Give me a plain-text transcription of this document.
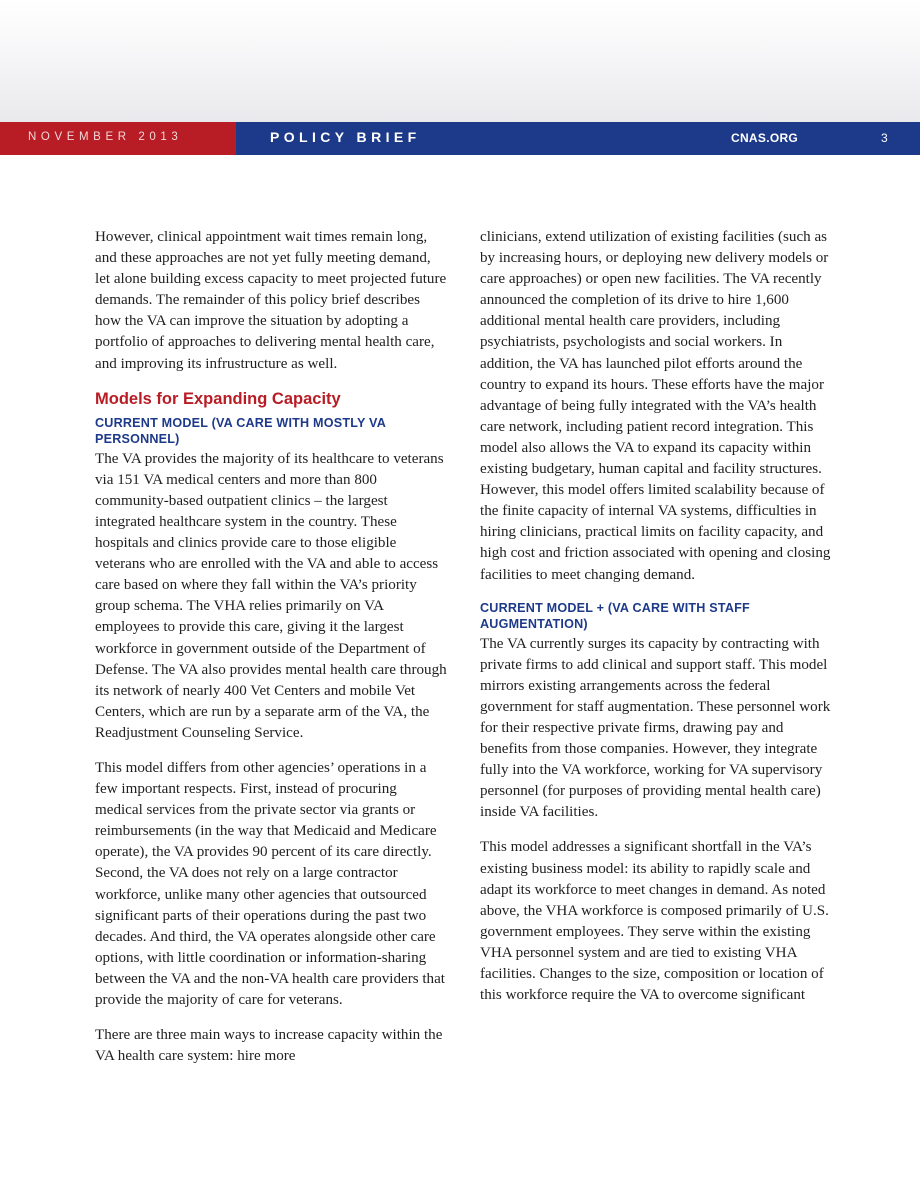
NOVEMBER 2013	POLICY BRIEF	CNAS.ORG	3

However, clinical appointment wait times remain long, and these approaches are not yet fully meeting demand, let alone building excess capacity to meet projected future demands. The remainder of this policy brief describes how the VA can improve the situation by adopting a portfolio of approaches to delivering mental health care, and improving its infrustructure as well.

Models for Expanding Capacity
CURRENT MODEL (VA CARE WITH MOSTLY VA PERSONNEL)

The VA provides the majority of its healthcare to veterans via 151 VA medical centers and more than 800 community-based outpatient clinics – the largest integrated healthcare system in the country. These hospitals and clinics provide care to those eligible veterans who are enrolled with the VA and able to access care based on where they fall within the VA’s priority group schema. The VHA relies primarily on VA employees to provide this care, giving it the largest workforce in government outside of the Department of Defense. The VA also provides mental health care through its network of nearly 400 Vet Centers and mobile Vet Centers, which are run by a separate arm of the VA, the Readjustment Counseling Service.

This model differs from other agencies’ operations in a few important respects. First, instead of procuring medical services from the private sector via grants or reimbursements (in the way that Medicaid and Medicare operate), the VA provides 90 percent of its care directly. Second, the VA does not rely on a large contractor workforce, unlike many other agencies that outsourced significant parts of their operations during the past two decades. And third, the VA operates alongside other care options, with little coordination or information-sharing between the VA and the non-VA health care providers that provide the majority of care for veterans.

There are three main ways to increase capacity within the VA health care system: hire more

clinicians, extend utilization of existing facilities (such as by increasing hours, or deploying new delivery models or care approaches) or open new facilities. The VA recently announced the completion of its drive to hire 1,600 additional mental health care providers, including psychiatrists, psychologists and social workers. In addition, the VA has launched pilot efforts around the country to expand its hours. These efforts have the major advantage of being fully integrated with the VA’s health care network, including patient record integration. This model also allows the VA to expand its capacity within existing budgetary, human capital and facility structures. However, this model offers limited scalability because of the finite capacity of internal VA systems, difficulties in hiring clinicians, practical limits on facility capacity, and high cost and friction associated with opening and closing facilities to meet changing demand.

CURRENT MODEL + (VA CARE WITH STAFF AUGMENTATION)

The VA currently surges its capacity by contracting with private firms to add clinical and support staff. This model mirrors existing arrangements across the federal government for staff augmentation. These personnel work for their respective private firms, drawing pay and benefits from those companies. However, they integrate fully into the VA workforce, working for VA supervisory personnel (for purposes of providing mental health care) inside VA facilities.

This model addresses a significant shortfall in the VA’s existing business model: its ability to rapidly scale and adapt its workforce to meet changes in demand. As noted above, the VHA workforce is composed primarily of U.S. government employees. They serve within the existing VHA personnel system and are tied to existing VHA facilities. Changes to the size, composition or location of this workforce require the VA to overcome significant
